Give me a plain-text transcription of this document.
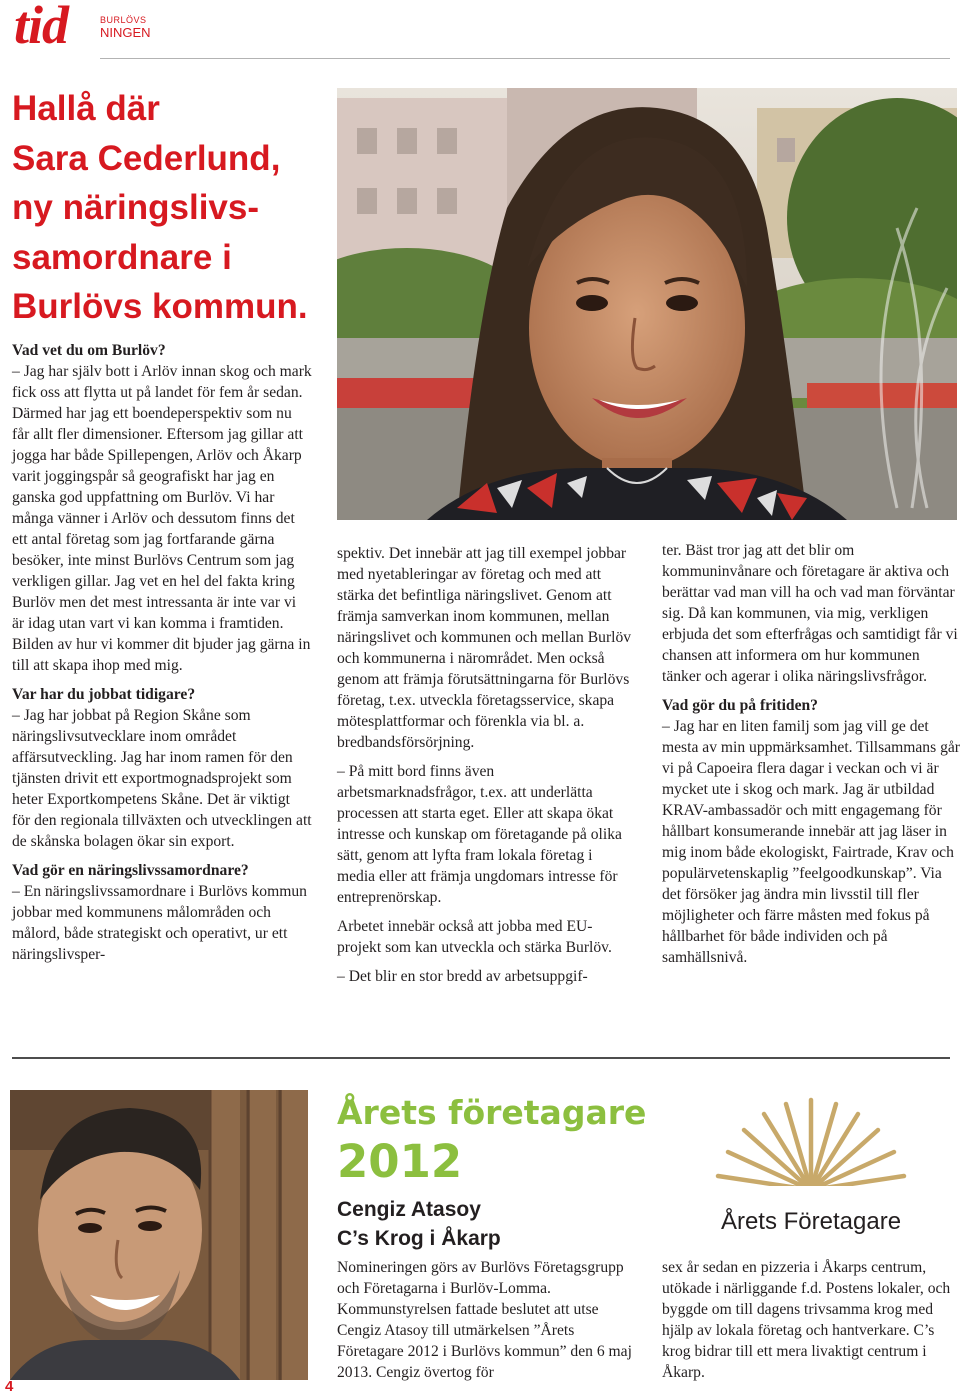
tid	BURLÖVS
NINGEN
Hallå där
Sara Cederlund,
ny näringslivs-
samordnare i
Burlövs kommun.

Vad vet du om Burlöv?

– Jag har själv bott i Arlöv innan skog och mark fick oss att flytta ut på landet för fem år sedan. Därmed har jag ett boendeperspektiv som nu får allt fler dimensioner. Eftersom jag gillar att jogga har både Spillepengen, Arlöv och Åkarp varit joggingspår så geografiskt har jag en ganska god uppfattning om Burlöv. Vi har många vänner i Arlöv och dessutom finns det ett antal företag som jag fortfarande gärna besöker, inte minst Burlövs Centrum som jag verkligen gillar. Jag vet en hel del fakta kring Burlöv men det mest intressanta är inte var vi är idag utan vart vi kan komma i framtiden. Bilden av hur vi kommer dit bjuder jag gärna in till att skapa ihop med mig.

Var har du jobbat tidigare?

– Jag har jobbat på Region Skåne som näringslivsutvecklare inom området affärsutveckling. Jag har inom ramen för den tjänsten drivit ett exportmognadsprojekt som heter Exportkompetens Skåne. Det är viktigt för den regionala tillväxten och utvecklingen att de skånska bolagen ökar sin export.

Vad gör en näringslivssamordnare?

– En näringslivssamordnare i Burlövs kommun jobbar med kommunens målområden och målord, både strategiskt och operativt, ur ett näringslivsper-

spektiv. Det innebär att jag till exempel jobbar med nyetableringar av företag och med att stärka det befintliga näringslivet. Genom att främja samverkan inom kommunen, mellan näringslivet och kommunen och mellan Burlöv och kommunerna i närområdet. Men också genom att främja förutsättningarna för Burlövs företag, t.ex. utveckla företagsservice, skapa mötesplattformar och förenkla via bl. a. bredbandsförsörjning.

– På mitt bord finns även arbetsmarknadsfrågor, t.ex. att underlätta processen att starta eget. Eller att skapa ökat intresse och kunskap om företagande på olika sätt, genom att lyfta fram lokala företag i media eller att främja ungdomars intresse för entreprenörskap.

Arbetet innebär också att jobba med EU-projekt som kan utveckla och stärka Burlöv.

– Det blir en stor bredd av arbetsuppgif-

ter. Bäst tror jag att det blir om kommuninvånare och företagare är aktiva och berättar vad man vill ha och vad man förväntar sig. Då kan kommunen, via mig, verkligen erbjuda det som efterfrågas och samtidigt får vi chansen att informera om hur kommunen tänker och agerar i olika näringslivsfrågor.

Vad gör du på fritiden?

– Jag har en liten familj som jag vill ge det mesta av min uppmärksamhet. Tillsammans går vi på Capoeira flera dagar i veckan och vi är mycket ute i skog och mark. Jag är utbildad KRAV-ambassadör och mitt engagemang för hållbart konsumerande innebär att jag läser in mig inom både ekologiskt, Fairtrade, Krav och populärvetenskaplig ”feelgoodkunskap”. Via det försöker jag ändra min livsstil till fler möjligheter och färre måsten med fokus på hållbarhet för både individen och på samhällsnivå.

Årets företagare
2012
Cengiz Atasoy
C’s Krog i Åkarp
Årets Företagare

Nomineringen görs av Burlövs Företagsgrupp och Företagarna i Burlöv-Lomma. Kommunstyrelsen fattade beslutet att utse Cengiz Atasoy till utmärkelsen ”Årets Företagare 2012 i Burlövs kommun” den 6 maj 2013. Cengiz övertog för

sex år sedan en pizzeria i Åkarps centrum, utökade i närliggande f.d. Postens lokaler, och byggde om till dagens trivsamma krog med hjälp av lokala företag och hantverkare. C’s krog bidrar till ett mera livaktigt centrum i Åkarp.

4
